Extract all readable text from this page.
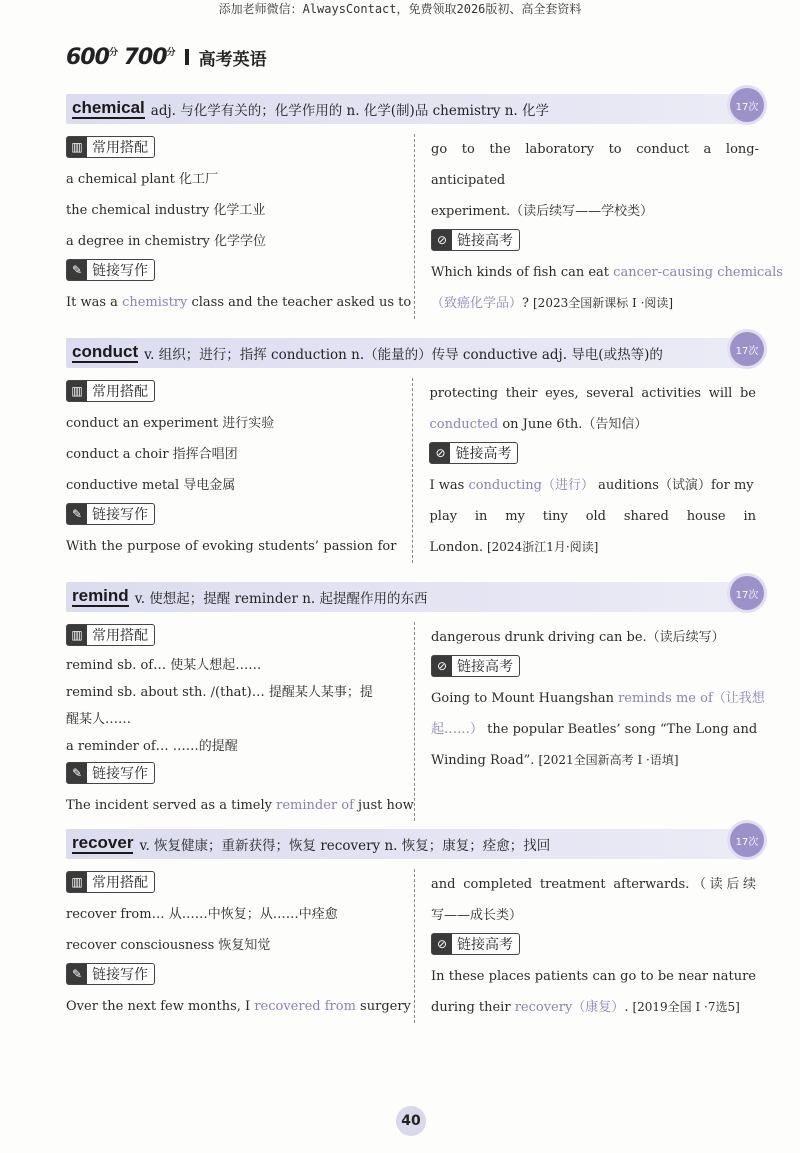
添加老师微信：AlwaysContact，免费领取2026版初、高全套资料
$600^分$ $700^分$ 高考英语
chemical adj. 与化学有关的；化学作用的 n. 化学(制)品 chemistry n. 化学	17次
▥ 常用搭配
a chemical plant 化工厂
the chemical industry 化学工业
a degree in chemistry 化学学位
✎ 链接写作
It was a chemistry class and the teacher asked us to
go to the laboratory to conduct a long-anticipated
experiment.（读后续写——学校类）
⊘ 链接高考
Which kinds of fish can eat cancer-causing chemicals
（致癌化学品）? [2023全国新课标 I ·阅读]
conduct v. 组织；进行；指挥 conduction n.（能量的）传导 conductive adj. 导电(或热等)的	17次
▥ 常用搭配
conduct an experiment 进行实验
conduct a choir 指挥合唱团
conductive metal 导电金属
✎ 链接写作
With the purpose of evoking students’ passion for
protecting their eyes, several activities will be
conducted on June 6th.（告知信）
⊘ 链接高考
I was conducting（进行） auditions（试演）for my
play in my tiny old shared house in
London. [2024浙江1月·阅读]
remind v. 使想起；提醒 reminder n. 起提醒作用的东西	17次
▥ 常用搭配
remind sb. of… 使某人想起……
remind sb. about sth. /(that)… 提醒某人某事；提
醒某人……
a reminder of… ……的提醒
✎ 链接写作
The incident served as a timely reminder of just how
dangerous drunk driving can be.（读后续写）
⊘ 链接高考
Going to Mount Huangshan reminds me of（让我想
起……） the popular Beatles’ song “The Long and
Winding Road”. [2021全国新高考 I ·语填]
recover v. 恢复健康；重新获得；恢复 recovery n. 恢复；康复；痊愈；找回	17次
▥ 常用搭配
recover from… 从……中恢复；从……中痊愈
recover consciousness 恢复知觉
✎ 链接写作
Over the next few months, I recovered from surgery
and completed treatment afterwards.（读后续
写——成长类）
⊘ 链接高考
In these places patients can go to be near nature
during their recovery（康复）. [2019全国 I ·7选5]
40
